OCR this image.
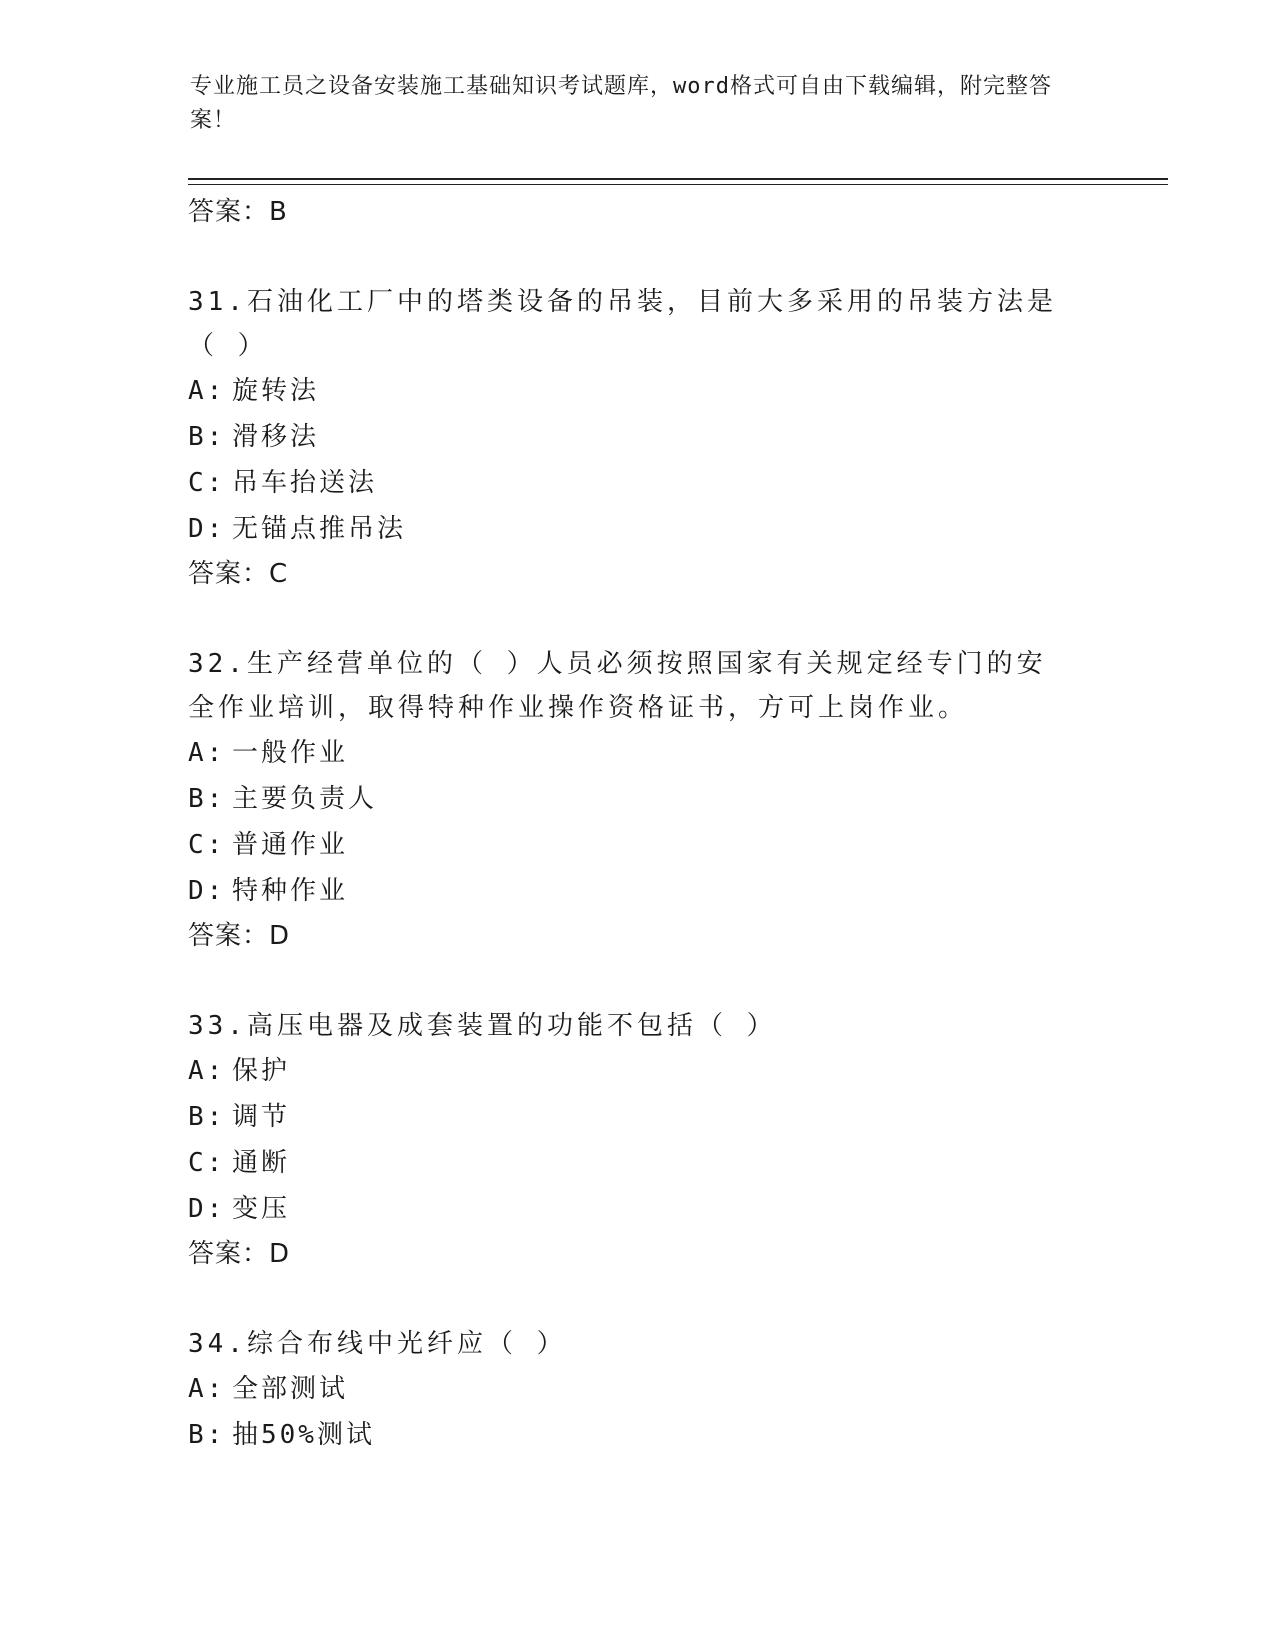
专业施工员之设备安装施工基础知识考试题库，word格式可自由下载编辑，附完整答案！
答案：B

31.石油化工厂中的塔类设备的吊装，目前大多采用的吊装方法是（ ）

A: 旋转法
B: 滑移法
C: 吊车抬送法
D: 无锚点推吊法
答案：C

32.生产经营单位的（ ）人员必须按照国家有关规定经专门的安全作业培训，取得特种作业操作资格证书，方可上岗作业。

A: 一般作业
B: 主要负责人
C: 普通作业
D: 特种作业
答案：D

33.高压电器及成套装置的功能不包括（ ）

A: 保护
B: 调节
C: 通断
D: 变压
答案：D

34.综合布线中光纤应（ ）

A: 全部测试
B: 抽50%测试
